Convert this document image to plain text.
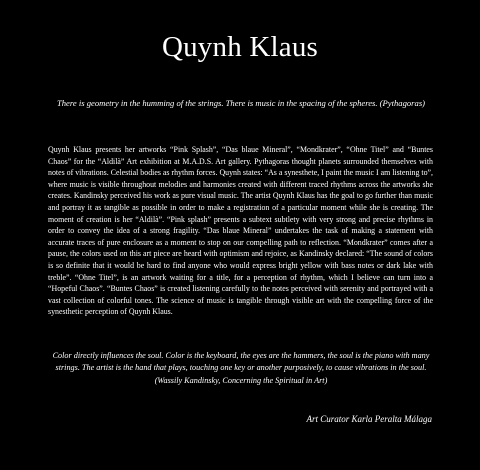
Quynh Klaus
There is geometry in the humming of the strings. There is music in the spacing of the spheres. (Pythagoras)
Quynh Klaus presents her artworks “Pink Splash”, “Das blaue Mineral”, “Mondkrater”, “Ohne Titel” and “Buntes Chaos” for the “Aldilà” Art exhibition at M.A.D.S. Art gallery. Pythagoras thought planets surrounded themselves with notes of vibrations. Celestial bodies as rhythm forces. Quynh states: “As a synesthete, I paint the music I am listening to”, where music is visible throughout melodies and harmonies created with different traced rhythms across the artworks she creates. Kandinsky perceived his work as pure visual music. The artist Quynh Klaus has the goal to go further than music and portray it as tangible as possible in order to make a registration of a particular moment while she is creating. The moment of creation is her “Aldilà”. “Pink splash” presents a subtext subtlety with very strong and precise rhythms in order to convey the idea of a strong fragility. “Das blaue Mineral” undertakes the task of making a statement with accurate traces of pure enclosure as a moment to stop on our compelling path to reflection. “Mondkrater” comes after a pause, the colors used on this art piece are heard with optimism and rejoice, as Kandinsky declared: “The sound of colors is so definite that it would be hard to find anyone who would express bright yellow with bass notes or dark lake with treble”. “Ohne Titel”, is an artwork waiting for a title, for a perception of rhythm, which I believe can turn into a “Hopeful Chaos”. “Buntes Chaos” is created listening carefully to the notes perceived with serenity and portrayed with a vast collection of colorful tones. The science of music is tangible through visible art with the compelling force of the synesthetic perception of Quynh Klaus.
Color directly influences the soul. Color is the keyboard, the eyes are the hammers, the soul is the piano with many strings. The artist is the hand that plays, touching one key or another purposively, to cause vibrations in the soul. (Wassily Kandinsky, Concerning the Spiritual in Art)
Art Curator Karla Peralta Málaga
